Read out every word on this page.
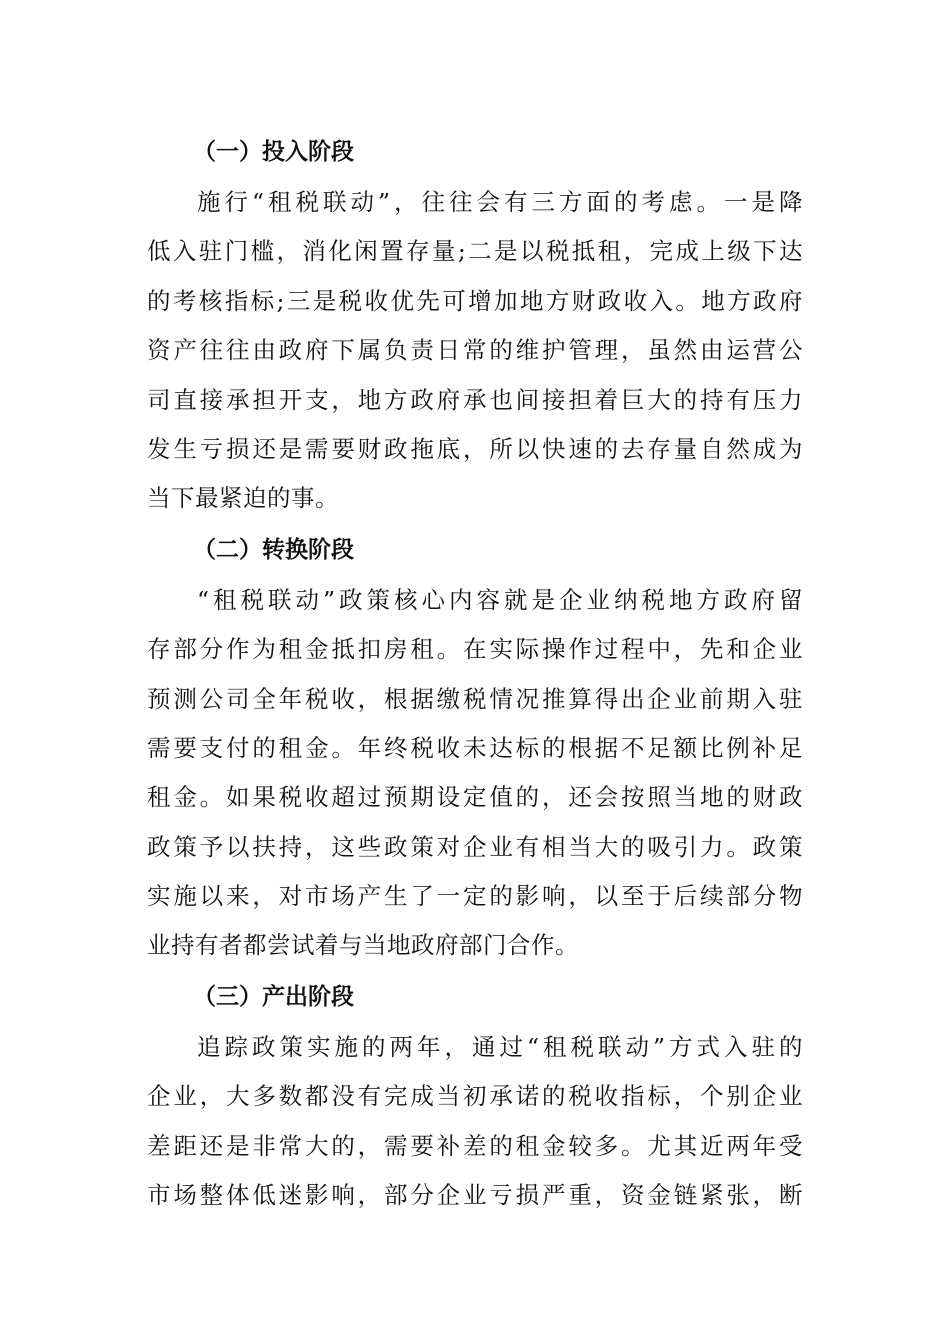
（一）投入阶段

施行“租税联动”，往往会有三方面的考虑。一是降
低入驻门槛，消化闲置存量;二是以税抵租，完成上级下达
的考核指标;三是税收优先可增加地方财政收入。地方政府
资产往往由政府下属负责日常的维护管理，虽然由运营公
司直接承担开支，地方政府承也间接担着巨大的持有压力
发生亏损还是需要财政拖底，所以快速的去存量自然成为
当下最紧迫的事。

（二）转换阶段

“租税联动”政策核心内容就是企业纳税地方政府留
存部分作为租金抵扣房租。在实际操作过程中，先和企业
预测公司全年税收，根据缴税情况推算得出企业前期入驻
需要支付的租金。年终税收未达标的根据不足额比例补足
租金。如果税收超过预期设定值的，还会按照当地的财政
政策予以扶持，这些政策对企业有相当大的吸引力。政策
实施以来，对市场产生了一定的影响，以至于后续部分物
业持有者都尝试着与当地政府部门合作。

（三）产出阶段

追踪政策实施的两年，通过“租税联动”方式入驻的
企业，大多数都没有完成当初承诺的税收指标，个别企业
差距还是非常大的，需要补差的租金较多。尤其近两年受
市场整体低迷影响，部分企业亏损严重，资金链紧张，断
